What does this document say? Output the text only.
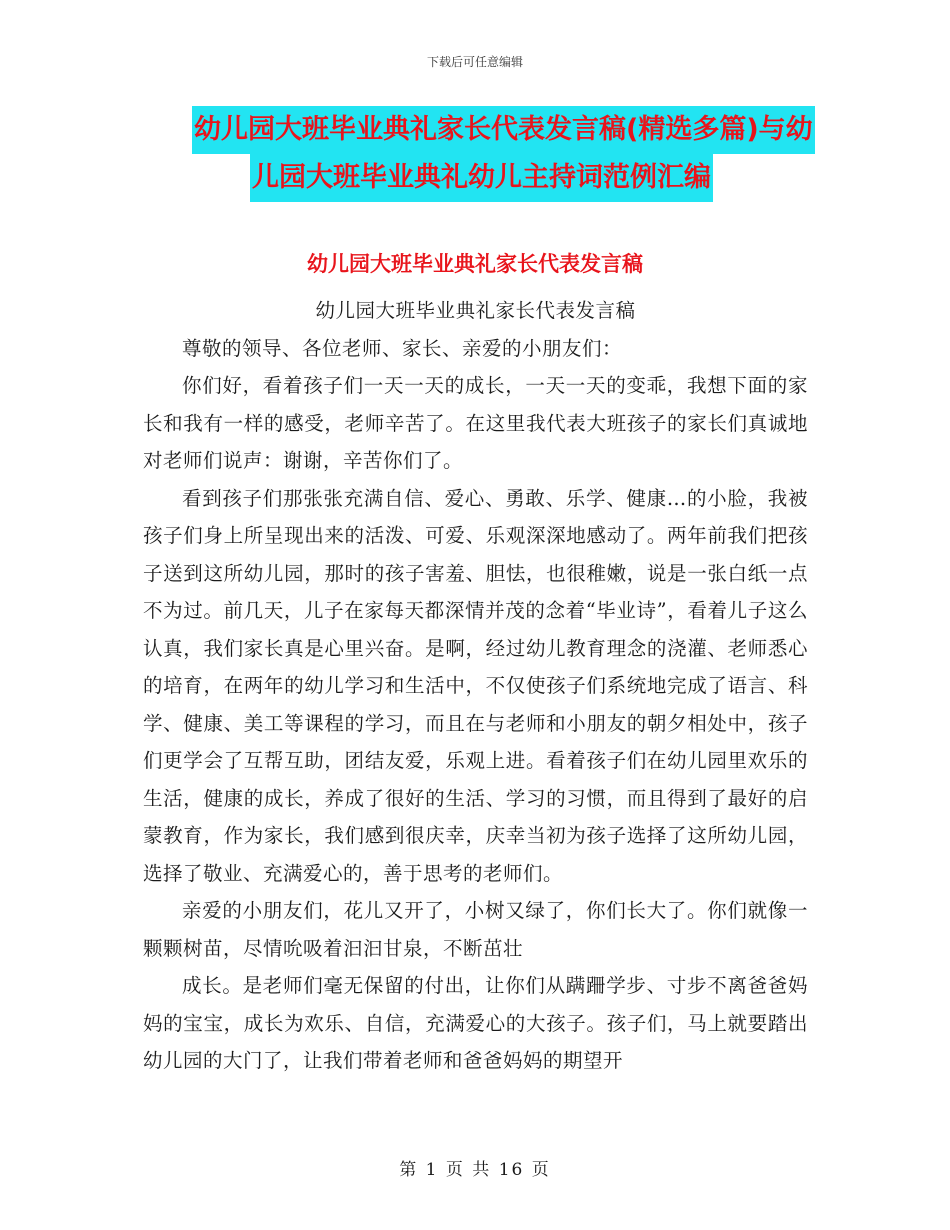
下载后可任意编辑
幼儿园大班毕业典礼家长代表发言稿(精选多篇)与幼
儿园大班毕业典礼幼儿主持词范例汇编
幼儿园大班毕业典礼家长代表发言稿

幼儿园大班毕业典礼家长代表发言稿

尊敬的领导、各位老师、家长、亲爱的小朋友们：

你们好，看着孩子们一天一天的成长，一天一天的变乖，我想下面的家长和我有一样的感受，老师辛苦了。在这里我代表大班孩子的家长们真诚地对老师们说声：谢谢，辛苦你们了。

看到孩子们那张张充满自信、爱心、勇敢、乐学、健康…的小脸，我被孩子们身上所呈现出来的活泼、可爱、乐观深深地感动了。两年前我们把孩子送到这所幼儿园，那时的孩子害羞、胆怯，也很稚嫩，说是一张白纸一点不为过。前几天，儿子在家每天都深情并茂的念着“毕业诗”，看着儿子这么认真，我们家长真是心里兴奋。是啊，经过幼儿教育理念的浇灌、老师悉心的培育，在两年的幼儿学习和生活中，不仅使孩子们系统地完成了语言、科学、健康、美工等课程的学习，而且在与老师和小朋友的朝夕相处中，孩子们更学会了互帮互助，团结友爱，乐观上进。看着孩子们在幼儿园里欢乐的生活，健康的成长，养成了很好的生活、学习的习惯，而且得到了最好的启蒙教育，作为家长，我们感到很庆幸，庆幸当初为孩子选择了这所幼儿园，选择了敬业、充满爱心的，善于思考的老师们。

亲爱的小朋友们，花儿又开了，小树又绿了，你们长大了。你们就像一颗颗树苗，尽情吮吸着汩汩甘泉，不断茁壮

成长。是老师们毫无保留的付出，让你们从蹒跚学步、寸步不离爸爸妈妈的宝宝，成长为欢乐、自信，充满爱心的大孩子。孩子们，马上就要踏出幼儿园的大门了，让我们带着老师和爸爸妈妈的期望开

第 1 页 共 16 页
